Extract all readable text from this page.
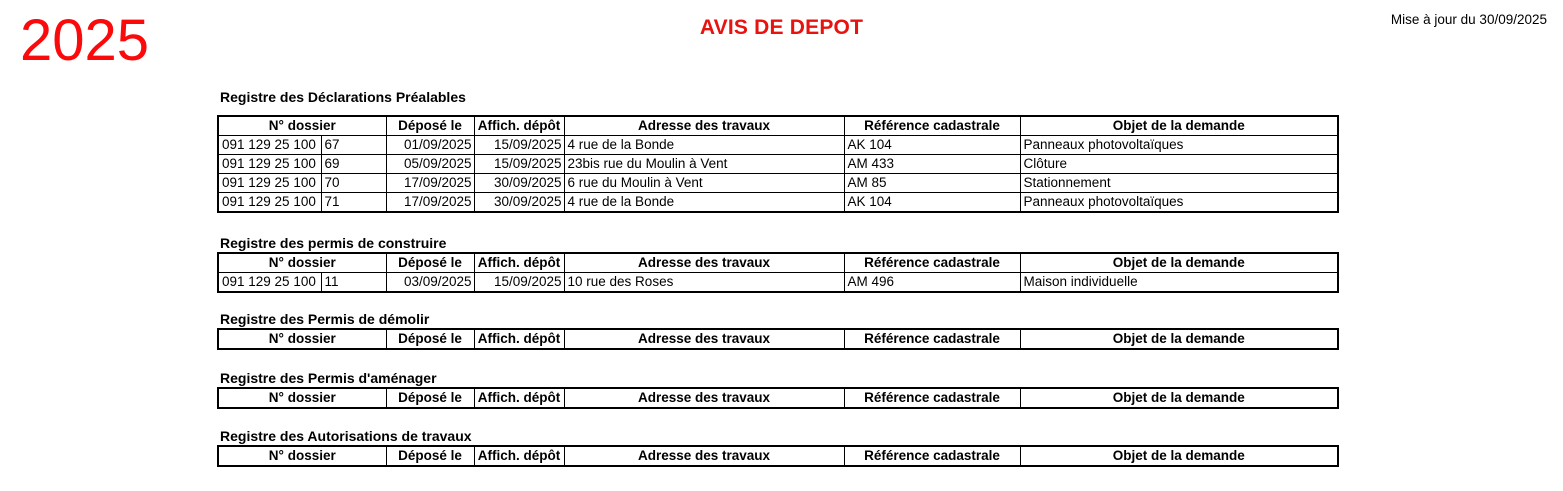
2025	AVIS DE DEPOT	Mise à jour du 30/09/2025
Registre des Déclarations Préalables
N° dossier		Déposé le	Affich. dépôt	Adresse des travaux	Référence cadastrale	Objet de la demande
091 129 25 100	67	01/09/2025	15/09/2025	4 rue de la Bonde	AK 104	Panneaux photovoltaïques
091 129 25 100	69	05/09/2025	15/09/2025	23bis rue du Moulin à Vent	AM 433	Clôture
091 129 25 100	70	17/09/2025	30/09/2025	6 rue du Moulin à Vent	AM 85	Stationnement
091 129 25 100	71	17/09/2025	30/09/2025	4 rue de la Bonde	AK 104	Panneaux photovoltaïques
Registre des permis de construire
N° dossier		Déposé le	Affich. dépôt	Adresse des travaux	Référence cadastrale	Objet de la demande
091 129 25 100	11	03/09/2025	15/09/2025	10 rue des Roses	AM 496	Maison individuelle
Registre des Permis de démolir
N° dossier	Déposé le	Affich. dépôt	Adresse des travaux	Référence cadastrale	Objet de la demande
Registre des Permis d'aménager
N° dossier	Déposé le	Affich. dépôt	Adresse des travaux	Référence cadastrale	Objet de la demande
Registre des Autorisations de travaux
N° dossier	Déposé le	Affich. dépôt	Adresse des travaux	Référence cadastrale	Objet de la demande
